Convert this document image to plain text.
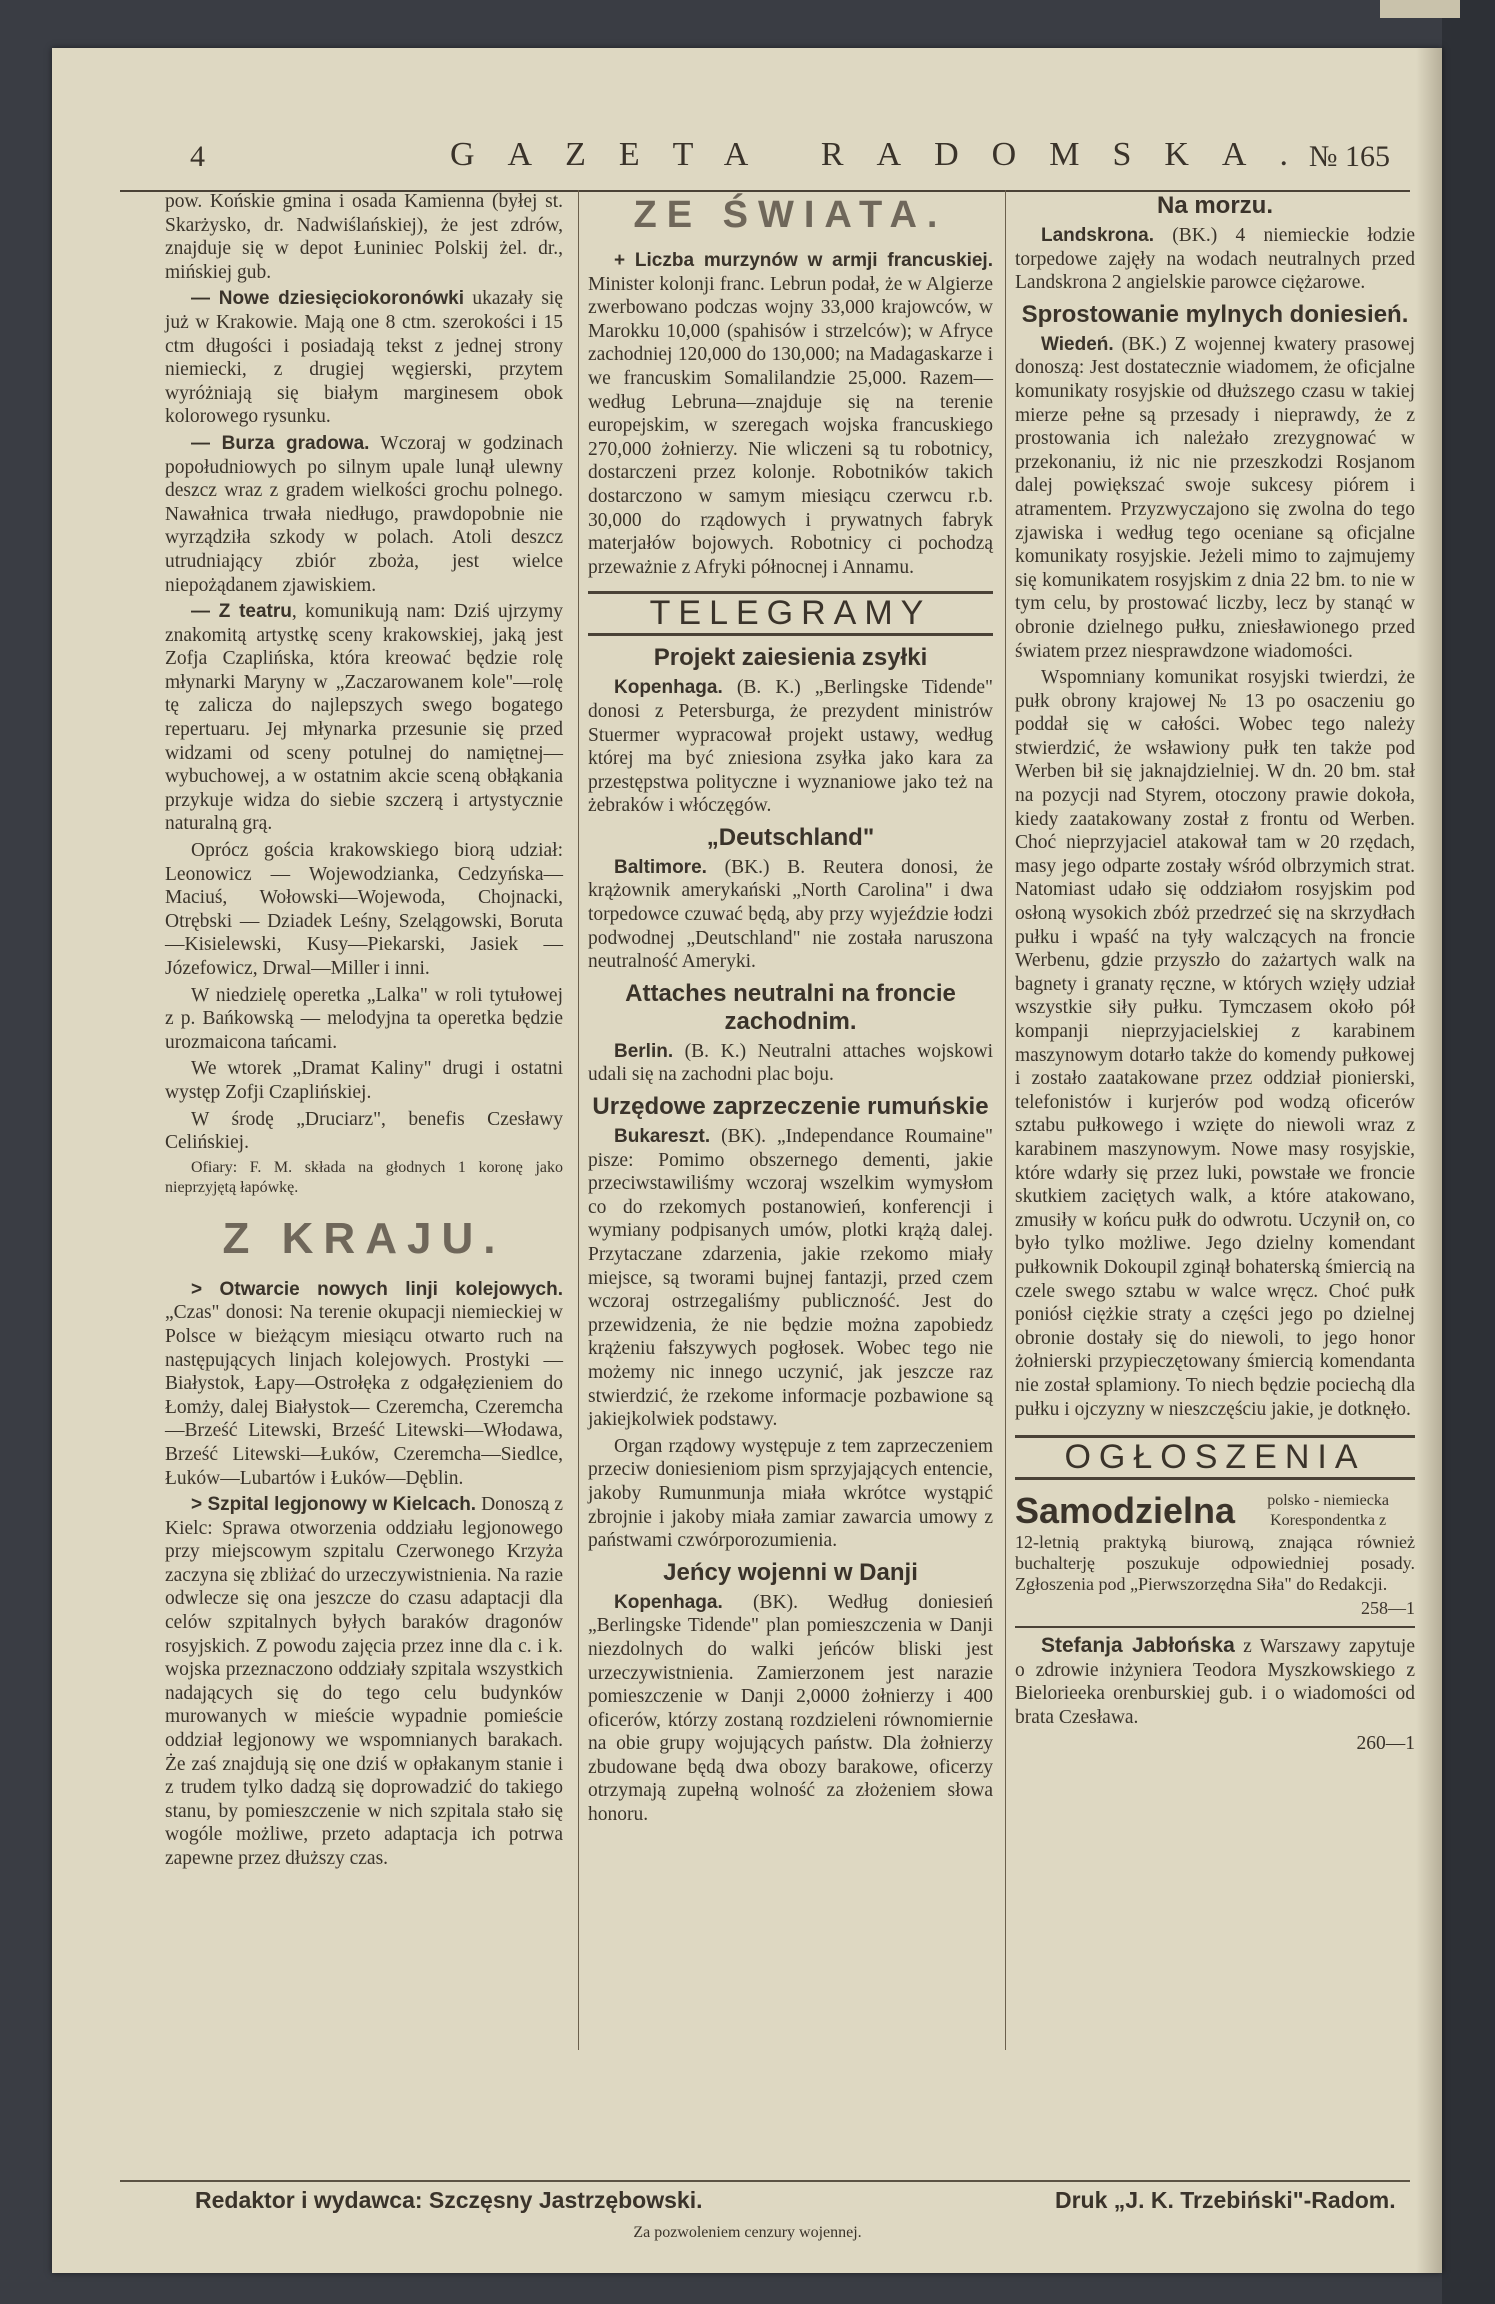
4	GAZETA RADOMSKA.
№ 165

pow. Końskie gmina i osada Kamienna (byłej st. Skarżysko, dr. Nadwiślańskiej), że jest zdrów, znajduje się w depot Łuniniec Polskij żel. dr., mińskiej gub.

— Nowe dziesięciokoronówki ukazały się już w Krakowie. Mają one 8 ctm. szerokości i 15 ctm długości i posiadają tekst z jednej strony niemiecki, z drugiej węgierski, przytem wyróżniają się białym marginesem obok kolorowego rysunku.

— Burza gradowa. Wczoraj w godzinach popołudniowych po silnym upale lunął ulewny deszcz wraz z gradem wielkości grochu polnego. Nawałnica trwała niedługo, prawdopobnie nie wyrządziła szkody w polach. Atoli deszcz utrudniający zbiór zboża, jest wielce niepożądanem zjawiskiem.

— Z teatru, komunikują nam: Dziś ujrzymy znakomitą artystkę sceny krakowskiej, jaką jest Zofja Czaplińska, która kreować będzie rolę młynarki Maryny w „Zaczarowanem kole"—rolę tę zalicza do najlepszych swego bogatego repertuaru. Jej młynarka przesunie się przed widzami od sceny potulnej do namiętnej—wybuchowej, a w ostatnim akcie sceną obłąkania przykuje widza do siebie szczerą i artystycznie naturalną grą.

Oprócz gościa krakowskiego biorą udział: Leonowicz — Wojewodzianka, Cedzyńska—Maciuś, Wołowski—Wojewoda, Chojnacki, Otrębski — Dziadek Leśny, Szelągowski, Boruta—Kisielewski, Kusy—Piekarski, Jasiek — Józefowicz, Drwal—Miller i inni.

W niedzielę operetka „Lalka" w roli tytułowej z p. Bańkowską — melodyjna ta operetka będzie urozmaicona tańcami.

We wtorek „Dramat Kaliny" drugi i ostatni występ Zofji Czaplińskiej.

W środę „Druciarz", benefis Czesławy Celińskiej.

Ofiary: F. M. składa na głodnych 1 koronę jako nieprzyjętą łapówkę.

Z KRAJU.

> Otwarcie nowych linji kolejowych. „Czas" donosi: Na terenie okupacji niemieckiej w Polsce w bieżącym miesiącu otwarto ruch na następujących linjach kolejowych. Prostyki — Białystok, Łapy—Ostrołęka z odgałęzieniem do Łomży, dalej Białystok— Czeremcha, Czeremcha—Brześć Litewski, Brześć Litewski—Włodawa, Brześć Litewski—Łuków, Czeremcha—Siedlce, Łuków—Lubartów i Łuków—Dęblin.

> Szpital legjonowy w Kielcach. Donoszą z Kielc: Sprawa otworzenia oddziału legjonowego przy miejscowym szpitalu Czerwonego Krzyża zaczyna się zbliżać do urzeczywistnienia. Na razie odwlecze się ona jeszcze do czasu adaptacji dla celów szpitalnych byłych baraków dragonów rosyjskich. Z powodu zajęcia przez inne dla c. i k. wojska przeznaczono oddziały szpitala wszystkich nadających się do tego celu budynków murowanych w mieście wypadnie pomieście oddział legjonowy we wspomnianych barakach. Że zaś znajdują się one dziś w opłakanym stanie i z trudem tylko dadzą się doprowadzić do takiego stanu, by pomieszczenie w nich szpitala stało się wogóle możliwe, przeto adaptacja ich potrwa zapewne przez dłuższy czas.

ZE ŚWIATA.

+ Liczba murzynów w armji francuskiej. Minister kolonji franc. Lebrun podał, że w Algierze zwerbowano podczas wojny 33,000 krajowców, w Marokku 10,000 (spahisów i strzelców); w Afryce zachodniej 120,000 do 130,000; na Madagaskarze i we francuskim Somalilandzie 25,000. Razem—według Lebruna—znajduje się na terenie europejskim, w szeregach wojska francuskiego 270,000 żołnierzy. Nie wliczeni są tu robotnicy, dostarczeni przez kolonje. Robotników takich dostarczono w samym miesiącu czerwcu r.b. 30,000 do rządowych i prywatnych fabryk materjałów bojowych. Robotnicy ci pochodzą przeważnie z Afryki północnej i Annamu.

TELEGRAMY
Projekt zaiesienia zsyłki

Kopenhaga. (B. K.) „Berlingske Tidende" donosi z Petersburga, że prezydent ministrów Stuermer wypracował projekt ustawy, według której ma być zniesiona zsyłka jako kara za przestępstwa polityczne i wyznaniowe jako też na żebraków i włóczęgów.

„Deutschland"

Baltimore. (BK.) B. Reutera donosi, że krążownik amerykański „North Carolina" i dwa torpedowce czuwać będą, aby przy wyjeździe łodzi podwodnej „Deutschland" nie została naruszona neutralność Ameryki.

Attaches neutralni na froncie zachodnim.

Berlin. (B. K.) Neutralni attaches wojskowi udali się na zachodni plac boju.

Urzędowe zaprzeczenie rumuńskie

Bukareszt. (BK). „Independance Roumaine" pisze: Pomimo obszernego dementi, jakie przeciwstawiliśmy wczoraj wszelkim wymysłom co do rzekomych postanowień, konferencji i wymiany podpisanych umów, plotki krążą dalej. Przytaczane zdarzenia, jakie rzekomo miały miejsce, są tworami bujnej fantazji, przed czem wczoraj ostrzegaliśmy publiczność. Jest do przewidzenia, że nie będzie można zapobiedz krążeniu fałszywych pogłosek. Wobec tego nie możemy nic innego uczynić, jak jeszcze raz stwierdzić, że rzekome informacje pozbawione są jakiejkolwiek podstawy.

Organ rządowy występuje z tem zaprzeczeniem przeciw doniesieniom pism sprzyjających entencie, jakoby Rumunmunja miała wkrótce wystąpić zbrojnie i jakoby miała zamiar zawarcia umowy z państwami czwórporozumienia.

Jeńcy wojenni w Danji

Kopenhaga. (BK). Według doniesień „Berlingske Tidende" plan pomieszczenia w Danji niezdolnych do walki jeńców bliski jest urzeczywistnienia. Zamierzonem jest narazie pomieszczenie w Danji 2,0000 żołnierzy i 400 oficerów, którzy zostaną rozdzieleni równomiernie na obie grupy wojujących państw. Dla żołnierzy zbudowane będą dwa obozy barakowe, oficerzy otrzymają zupełną wolność za złożeniem słowa honoru.

Na morzu.

Landskrona. (BK.) 4 niemieckie łodzie torpedowe zajęły na wodach neutralnych przed Landskrona 2 angielskie parowce ciężarowe.

Sprostowanie mylnych doniesień.

Wiedeń. (BK.) Z wojennej kwatery prasowej donoszą: Jest dostatecznie wiadomem, że oficjalne komunikaty rosyjskie od dłuższego czasu w takiej mierze pełne są przesady i nieprawdy, że z prostowania ich należało zrezygnować w przekonaniu, iż nic nie przeszkodzi Rosjanom dalej powiększać swoje sukcesy piórem i atramentem. Przyzwyczajono się zwolna do tego zjawiska i według tego oceniane są oficjalne komunikaty rosyjskie. Jeżeli mimo to zajmujemy się komunikatem rosyjskim z dnia 22 bm. to nie w tym celu, by prostować liczby, lecz by stanąć w obronie dzielnego pułku, zniesławionego przed światem przez niesprawdzone wiadomości.

Wspomniany komunikat rosyjski twierdzi, że pułk obrony krajowej № 13 po osaczeniu go poddał się w całości. Wobec tego należy stwierdzić, że wsławiony pułk ten także pod Werben bił się jaknajdzielniej. W dn. 20 bm. stał na pozycji nad Styrem, otoczony prawie dokoła, kiedy zaatakowany został z frontu od Werben. Choć nieprzyjaciel atakował tam w 20 rzędach, masy jego odparte zostały wśród olbrzymich strat. Natomiast udało się oddziałom rosyjskim pod osłoną wysokich zbóż przedrzeć się na skrzydłach pułku i wpaść na tyły walczących na froncie Werbenu, gdzie przyszło do zażartych walk na bagnety i granaty ręczne, w których wzięły udział wszystkie siły pułku. Tymczasem około pół kompanji nieprzyjacielskiej z karabinem maszynowym dotarło także do komendy pułkowej i zostało zaatakowane przez oddział pionierski, telefonistów i kurjerów pod wodzą oficerów sztabu pułkowego i wzięte do niewoli wraz z karabinem maszynowym. Nowe masy rosyjskie, które wdarły się przez luki, powstałe we froncie skutkiem zaciętych walk, a które atakowano, zmusiły w końcu pułk do odwrotu. Uczynił on, co było tylko możliwe. Jego dzielny komendant pułkownik Dokoupil zginął bohaterską śmiercią na czele swego sztabu w walce wręcz. Choć pułk poniósł ciężkie straty a części jego po dzielnej obronie dostały się do niewoli, to jego honor żołnierski przypieczętowany śmiercią komendanta nie został splamiony. To niech będzie pociechą dla pułku i ojczyzny w nieszczęściu jakie, je dotknęło.

OGŁOSZENIA
Samodzielna	polsko - niemiecka Korespondentka z

12-letnią praktyką biurową, znająca również buchalterję poszukuje odpowiedniej posady. Zgłoszenia pod „Pierwszorzędna Siła" do Redakcji.

258—1

Stefanja Jabłońska z Warszawy zapytuje o zdrowie inżyniera Teodora Myszkowskiego z Bielorieeka orenburskiej gub. i o wiadomości od brata Czesława.

260—1

Redaktor i wydawca: Szczęsny Jastrzębowski.	Druk „J. K. Trzebiński"-Radom.
Za pozwoleniem cenzury wojennej.
